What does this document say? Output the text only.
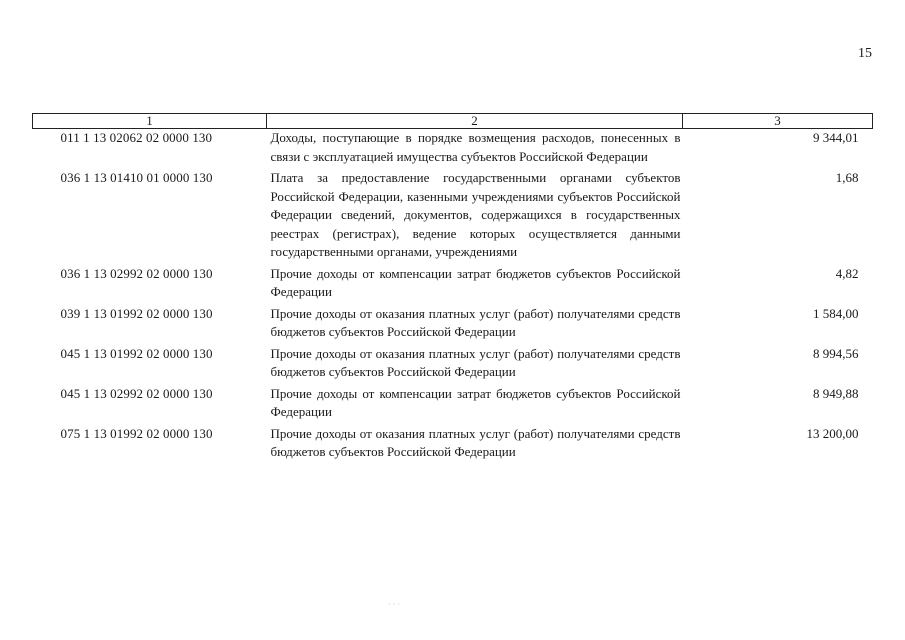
15
1	2	3
011 1 13 02062 02 0000 130	Доходы, поступающие в порядке возмещения расходов, понесенных в связи с эксплуатацией имущества субъектов Российской Федерации	9 344,01
036 1 13 01410 01 0000 130	Плата за предоставление государственными органами субъектов Российской Федерации, казенными учреждениями субъектов Российской Федерации сведений, документов, содержащихся в государственных реестрах (регистрах), ведение которых осуществляется данными государственными органами, учреждениями	1,68
036 1 13 02992 02 0000 130	Прочие доходы от компенсации затрат бюджетов субъектов Российской Федерации	4,82
039 1 13 01992 02 0000 130	Прочие доходы от оказания платных услуг (работ) получателями средств бюджетов субъектов Российской Федерации	1 584,00
045 1 13 01992 02 0000 130	Прочие доходы от оказания платных услуг (работ) получателями средств бюджетов субъектов Российской Федерации	8 994,56
045 1 13 02992 02 0000 130	Прочие доходы от компенсации затрат бюджетов субъектов Российской Федерации	8 949,88
075 1 13 01992 02 0000 130	Прочие доходы от оказания платных услуг (работ) получателями средств бюджетов субъектов Российской Федерации	13 200,00
· · ·
